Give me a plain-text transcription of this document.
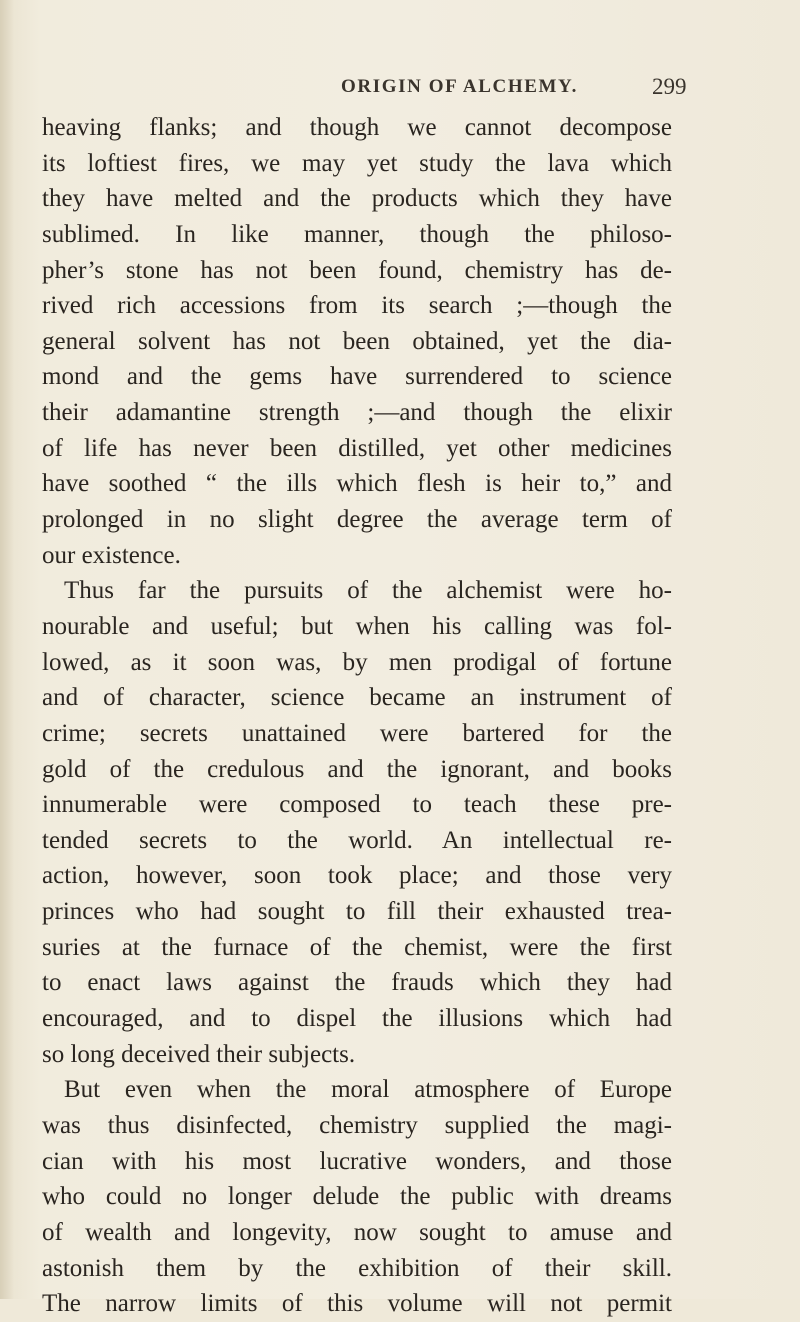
ORIGIN OF ALCHEMY.	299
heaving flanks; and though we cannot decompose
its loftiest fires, we may yet study the lava which
they have melted and the products which they have
sublimed. In like manner, though the philoso-
pher’s stone has not been found, chemistry has de-
rived rich accessions from its search ;—though the
general solvent has not been obtained, yet the dia-
mond and the gems have surrendered to science
their adamantine strength ;—and though the elixir
of life has never been distilled, yet other medicines
have soothed “ the ills which flesh is heir to,” and
prolonged in no slight degree the average term of
our existence.
Thus far the pursuits of the alchemist were ho-
nourable and useful; but when his calling was fol-
lowed, as it soon was, by men prodigal of fortune
and of character, science became an instrument of
crime; secrets unattained were bartered for the
gold of the credulous and the ignorant, and books
innumerable were composed to teach these pre-
tended secrets to the world. An intellectual re-
action, however, soon took place; and those very
princes who had sought to fill their exhausted trea-
suries at the furnace of the chemist, were the first
to enact laws against the frauds which they had
encouraged, and to dispel the illusions which had
so long deceived their subjects.
But even when the moral atmosphere of Europe
was thus disinfected, chemistry supplied the magi-
cian with his most lucrative wonders, and those
who could no longer delude the public with dreams
of wealth and longevity, now sought to amuse and
astonish them by the exhibition of their skill.
The narrow limits of this volume will not permit
